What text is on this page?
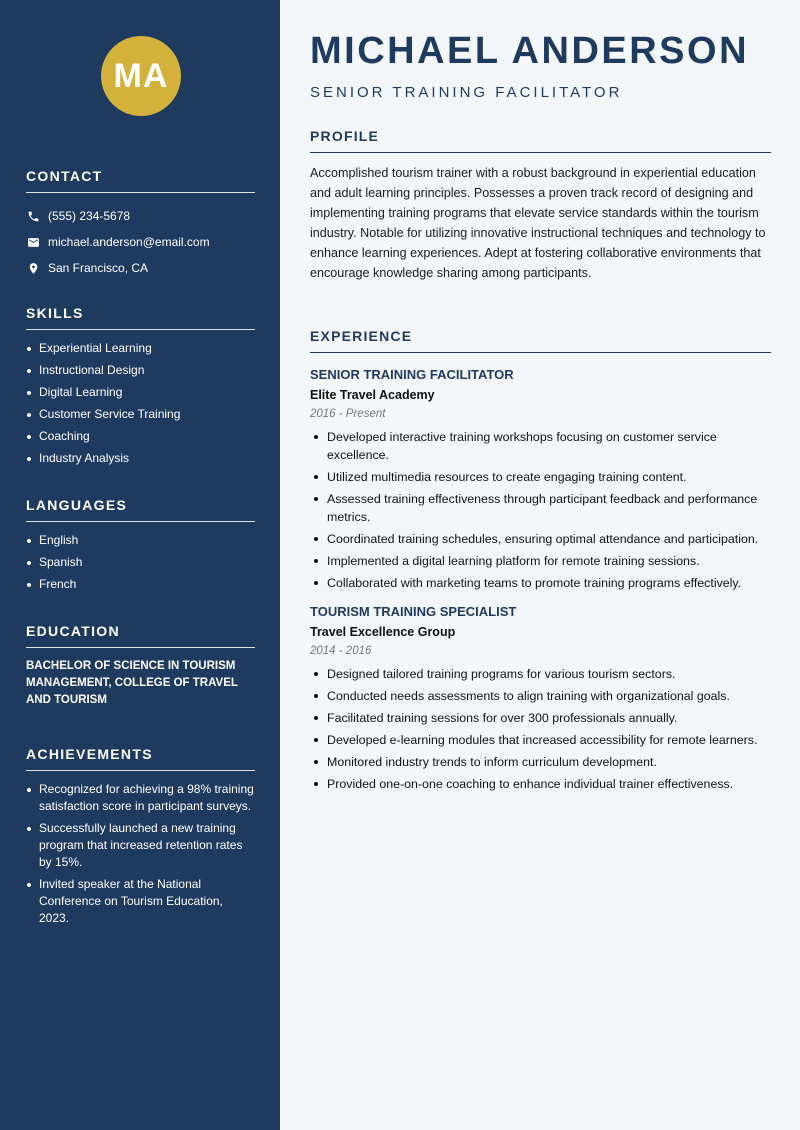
MA
CONTACT
(555) 234-5678
michael.anderson@email.com
San Francisco, CA
SKILLS
Experiential Learning
Instructional Design
Digital Learning
Customer Service Training
Coaching
Industry Analysis
LANGUAGES
English
Spanish
French
EDUCATION
BACHELOR OF SCIENCE IN TOURISM MANAGEMENT, COLLEGE OF TRAVEL AND TOURISM
ACHIEVEMENTS
Recognized for achieving a 98% training satisfaction score in participant surveys.
Successfully launched a new training program that increased retention rates by 15%.
Invited speaker at the National Conference on Tourism Education, 2023.
MICHAEL ANDERSON
SENIOR TRAINING FACILITATOR
PROFILE
Accomplished tourism trainer with a robust background in experiential education and adult learning principles. Possesses a proven track record of designing and implementing training programs that elevate service standards within the tourism industry. Notable for utilizing innovative instructional techniques and technology to enhance learning experiences. Adept at fostering collaborative environments that encourage knowledge sharing among participants.
EXPERIENCE
SENIOR TRAINING FACILITATOR
Elite Travel Academy
2016 - Present
Developed interactive training workshops focusing on customer service excellence.
Utilized multimedia resources to create engaging training content.
Assessed training effectiveness through participant feedback and performance metrics.
Coordinated training schedules, ensuring optimal attendance and participation.
Implemented a digital learning platform for remote training sessions.
Collaborated with marketing teams to promote training programs effectively.
TOURISM TRAINING SPECIALIST
Travel Excellence Group
2014 - 2016
Designed tailored training programs for various tourism sectors.
Conducted needs assessments to align training with organizational goals.
Facilitated training sessions for over 300 professionals annually.
Developed e-learning modules that increased accessibility for remote learners.
Monitored industry trends to inform curriculum development.
Provided one-on-one coaching to enhance individual trainer effectiveness.
